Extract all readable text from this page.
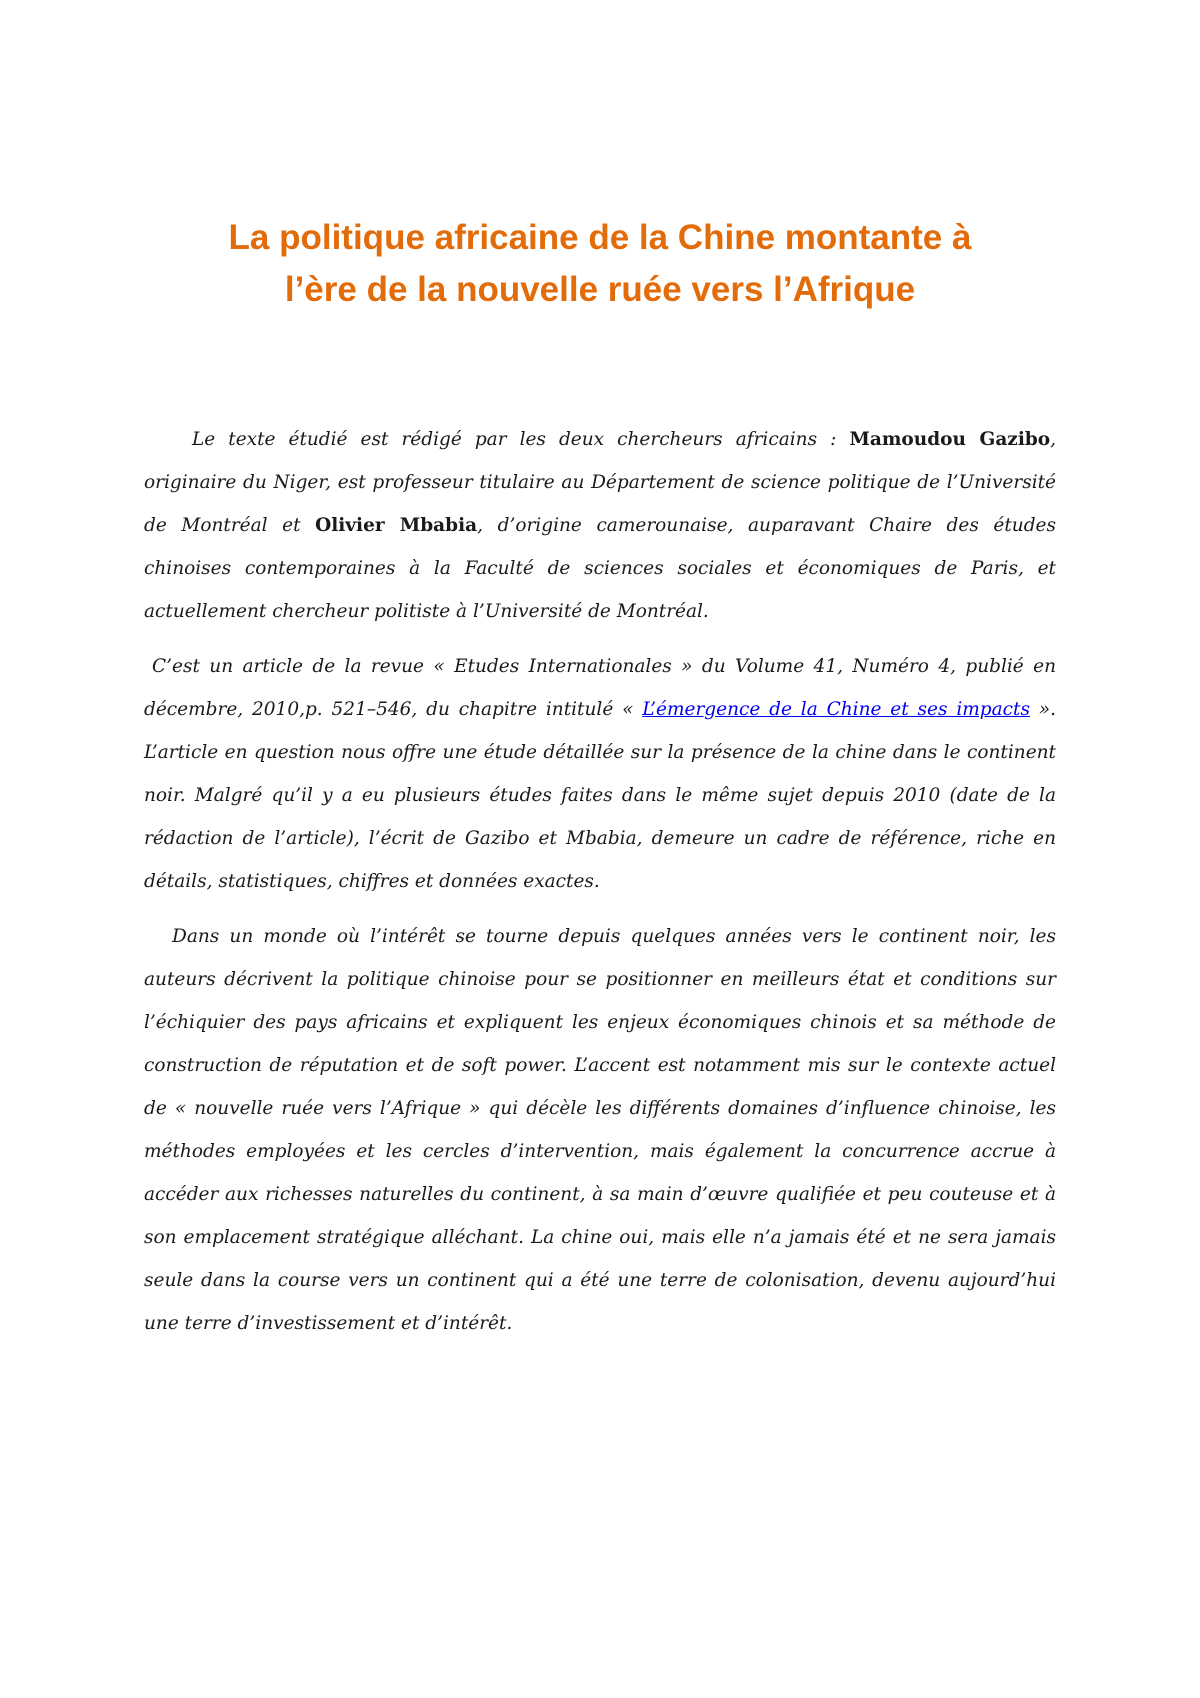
La politique africaine de la Chine montante à
l’ère de la nouvelle ruée vers l’Afrique

Le texte étudié est rédigé par les deux chercheurs africains : Mamoudou Gazibo, originaire du Niger, est professeur titulaire au Département de science politique de l’Université de Montréal et Olivier Mbabia, d’origine camerounaise, auparavant Chaire des études chinoises contemporaines à la Faculté de sciences sociales et économiques de Paris, et actuellement chercheur politiste à l’Université de Montréal.

C’est un article de la revue « Etudes Internationales » du Volume 41, Numéro 4, publié en décembre, 2010,p. 521–546, du chapitre intitulé « L’émergence de la Chine et ses impacts ». L’article en question nous offre une étude détaillée sur la présence de la chine dans le continent noir. Malgré qu’il y a eu plusieurs études faites dans le même sujet depuis 2010 (date de la rédaction de l’article), l’écrit de Gazibo et Mbabia, demeure un cadre de référence, riche en détails, statistiques, chiffres et données exactes.

Dans un monde où l’intérêt se tourne depuis quelques années vers le continent noir, les auteurs décrivent la politique chinoise pour se positionner en meilleurs état et conditions sur l’échiquier des pays africains et expliquent les enjeux économiques chinois et sa méthode de construction de réputation et de soft power. L’accent est notamment mis sur le contexte actuel de « nouvelle ruée vers l’Afrique » qui décèle les différents domaines d’influence chinoise, les méthodes employées et les cercles d’intervention, mais également la concurrence accrue à accéder aux richesses naturelles du continent, à sa main d’œuvre qualifiée et peu couteuse et à son emplacement stratégique alléchant. La chine oui, mais elle n’a jamais été et ne sera jamais seule dans la course vers un continent qui a été une terre de colonisation, devenu aujourd’hui une terre d’investissement et d’intérêt.
